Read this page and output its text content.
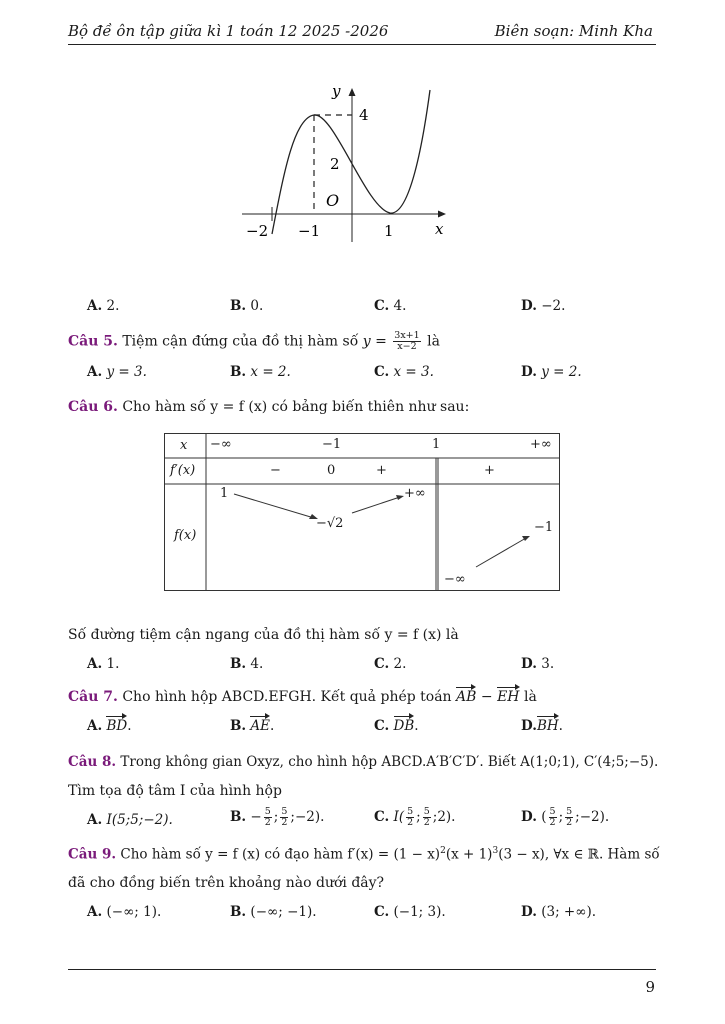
Bộ đề ôn tập giữa kì 1 toán 12 2025 -2026	Biên soạn: Minh Kha
y
x
4
2
O
−2 −1	1
A. 2.	B. 0.	C. 4.	D. −2.
Câu 5. Tiệm cận đứng của đồ thị hàm số $y = \frac{3x+1}{x-2}$ là
A. y = 3.	B. x = 2.	C. x = 3.	D. y = 2.
Câu 6. Cho hàm số y = f (x) có bảng biến thiên như sau:
x −∞	−1	1	+∞
f′(x)	−	0	+	+
f(x)
1
−√2
+∞
−∞
−1
Số đường tiệm cận ngang của đồ thị hàm số y = f (x) là
A. 1.	B. 4.	C. 2.	D. 3.
Câu 7. Cho hình hộp ABCD.EFGH. Kết quả phép toán AB − EH là
A. BD.	B. AE.	C. DB.	D.BH.
Câu 8. Trong không gian Oxyz, cho hình hộp ABCD.A′B′C′D′. Biết A(1;0;1), C′(4;5;−5).
Tìm tọa độ tâm I của hình hộp
A. I(5;5;−2).	B. − $\frac{5}{2}$ ; $\frac{5}{2}$ ;−2).	C. $I( \frac{5}{2}$ ; $\frac{5}{2}$ ;2).	D. ( $\frac{5}{2}$ ; $\frac{5}{2}$ ;−2).
Câu 9. Cho hàm số y = f (x) có đạo hàm $f'(x) = (1 - x)^2(x + 1)^3(3 - x)$, ∀x ∈ ℝ. Hàm số
đã cho đồng biến trên khoảng nào dưới đây?
A. (−∞; 1).	B. (−∞; −1).	C. (−1; 3).	D. (3; +∞).
9
